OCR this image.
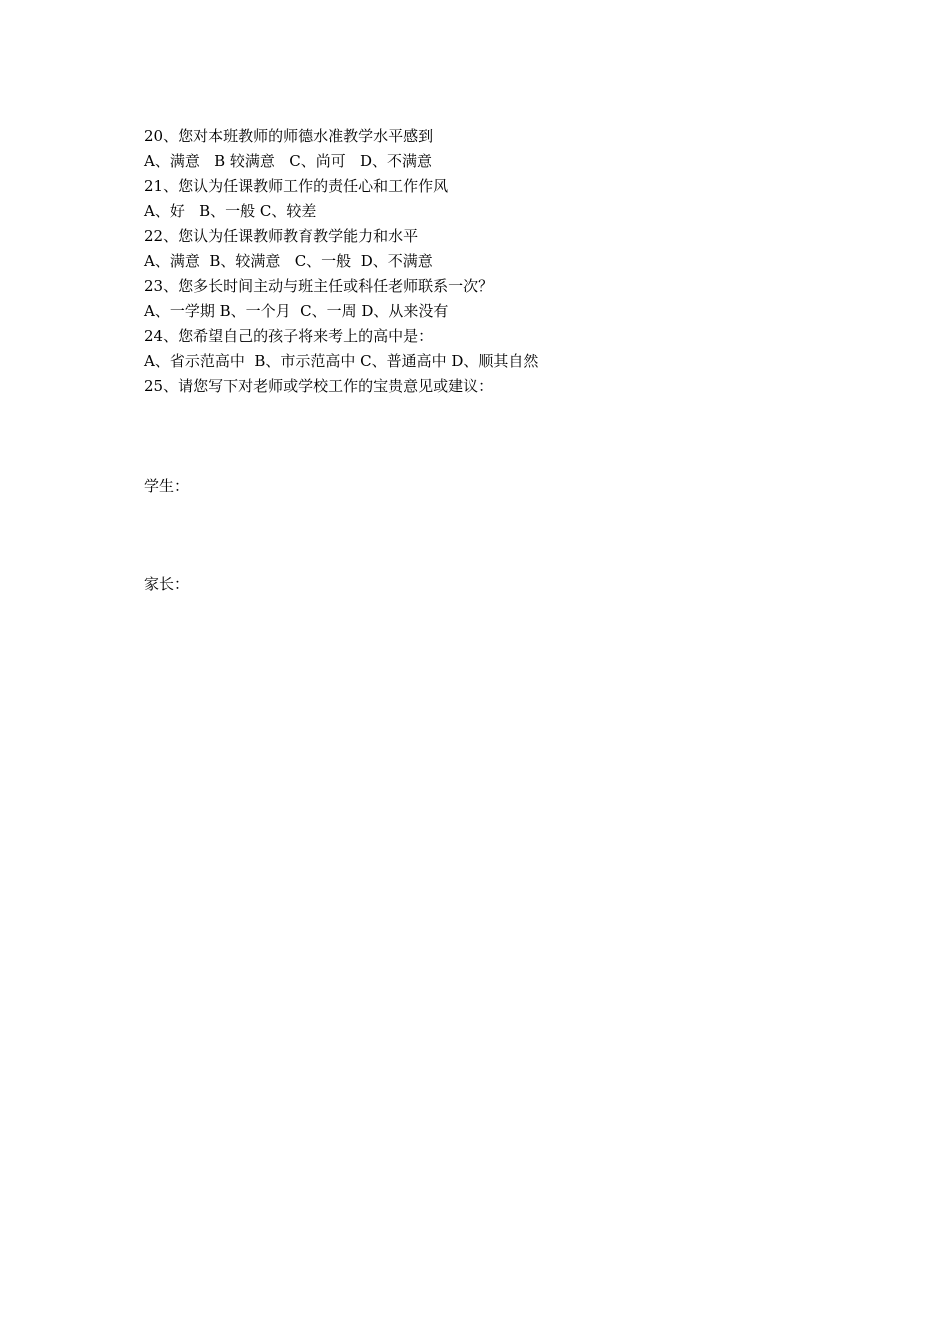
20、您对本班教师的师德水准教学水平感到

A、满意   B 较满意   C、尚可   D、不满意

21、您认为任课教师工作的责任心和工作作风

A、好   B、一般 C、较差

22、您认为任课教师教育教学能力和水平

A、满意  B、较满意   C、一般  D、不满意

23、您多长时间主动与班主任或科任老师联系一次？

A、一学期 B、一个月  C、一周 D、从来没有

24、您希望自己的孩子将来考上的高中是：

A、省示范高中  B、市示范高中 C、普通高中 D、顺其自然

25、请您写下对老师或学校工作的宝贵意见或建议：

学生：
家长：
